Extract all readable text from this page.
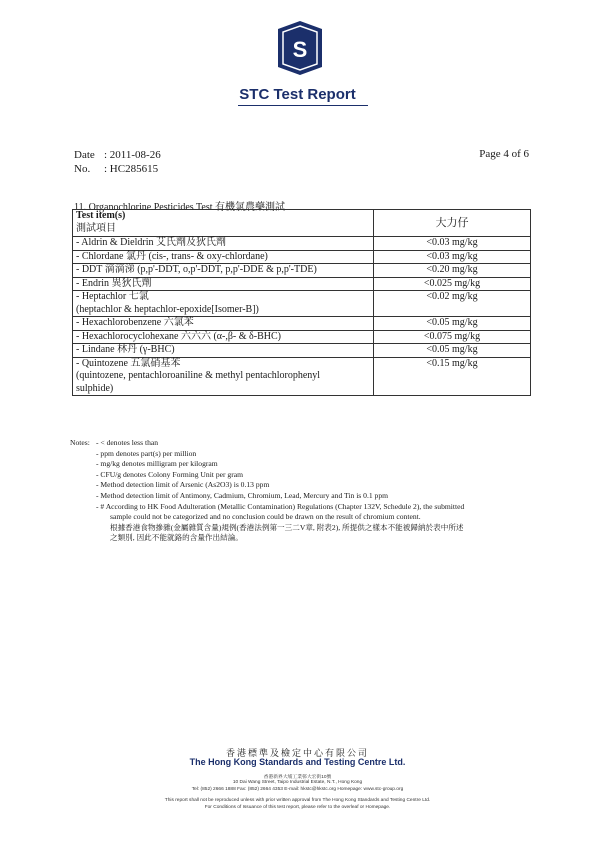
S
STC Test Report
Date : 2011-08-26
No.	: HC285615
Page 4 of 6
11. Organochlorine Pesticides Test 有機氯農藥測試
Test item(s)
測試項目	大力仔
- Aldrin & Dieldrin 艾氏劑及狄氏劑	<0.03 mg/kg
- Chlordane 氯丹 (cis-, trans- & oxy-chlordane)	<0.03 mg/kg
- DDT 滴滴涕 (p,p'-DDT, o,p'-DDT, p,p'-DDE & p,p'-TDE)	<0.20 mg/kg
- Endrin 異狄氏劑	<0.025 mg/kg

- Heptachlor 七氯
(heptachlor & heptachlor-epoxide[Isomer-B])	<0.02 mg/kg
- Hexachlorobenzene 六氯苯	<0.05 mg/kg
- Hexachlorocyclohexane 六六六 (α-,β- & δ-BHC)	<0.075 mg/kg
- Lindane 林丹 (γ-BHC)	<0.05 mg/kg

- Quintozene 五氯硝基苯
(quintozene, pentachloroaniline & methyl pentachlorophenyl
sulphide)	<0.15 mg/kg
Notes: - < denotes less than
- ppm denotes part(s) per million
- mg/kg denotes milligram per kilogram
- CFU/g denotes Colony Forming Unit per gram
- Method detection limit of Arsenic (As2O3) is 0.13 ppm
- Method detection limit of Antimony, Cadmium, Chromium, Lead, Mercury and Tin is 0.1 ppm
- # According to HK Food Adulteration (Metallic Contamination) Regulations (Chapter 132V, Schedule 2), the submitted
sample could not be categorized and no conclusion could be drawn on the result of chromium content.
根據香港食物摻雜(金屬雜質含量)規例(香港法例第一三二V章, 附表2), 所提供之樣本不能被歸納於表中所述
之類別, 因此不能就鉻的含量作出結論。
香港標準及檢定中心有限公司
The Hong Kong Standards and Testing Centre Ltd.
香港新界大埔工業邨大宏街10號
10 Dai Wang Street, Taipo Industrial Estate, N.T., Hong Kong
Tel: (852) 2666 1888 Fax: (852) 2664 4353 E-mail: hkstc@hkstc.org Homepage: www.stc-group.org
This report shall not be reproduced unless with prior written approval from The Hong Kong Standards and Testing Centre Ltd.
For Conditions of Issuance of this test report, please refer to the overleaf or Homepage.
